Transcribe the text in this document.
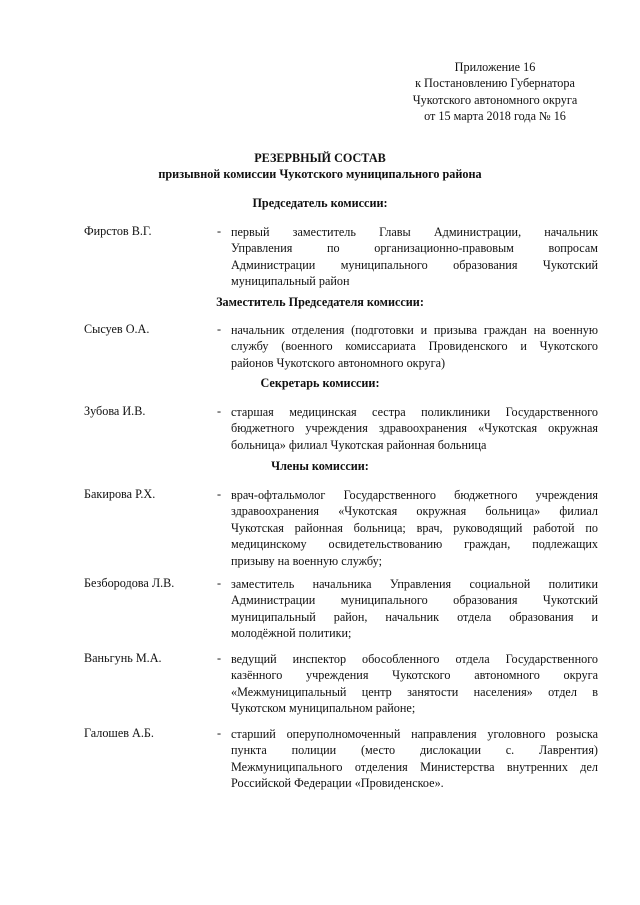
Приложение 16
к Постановлению Губернатора
Чукотского автономного округа
от 15 марта 2018 года № 16
РЕЗЕРВНЫЙ СОСТАВ
призывной комиссии Чукотского муниципального района
Председатель комиссии:
Фирстов В.Г.	- первый заместитель Главы Администрации, начальник
Управления по организационно-правовым вопросам
Администрации муниципального образования Чукотский
муниципальный район
Заместитель Председателя комиссии:
Сысуев О.А.	- начальник отделения (подготовки и призыва граждан на военную
службу (военного комиссариата Провиденского и Чукотского
районов Чукотского автономного округа)
Секретарь комиссии:
Зубова И.В.	- старшая медицинская сестра поликлиники Государственного
бюджетного учреждения здравоохранения «Чукотская окружная
больница» филиал Чукотская районная больница
Члены комиссии:
Бакирова Р.Х.	- врач-офтальмолог Государственного бюджетного учреждения
здравоохранения «Чукотская окружная больница» филиал
Чукотская районная больница; врач, руководящий работой по
медицинскому освидетельствованию граждан, подлежащих
призыву на военную службу;
Безбородова Л.В.	- заместитель начальника Управления социальной политики
Администрации муниципального образования Чукотский
муниципальный район, начальник отдела образования и
молодёжной политики;
Ваньгунь М.А.	- ведущий инспектор обособленного отдела Государственного
казённого учреждения Чукотского автономного округа
«Межмуниципальный центр занятости населения» отдел в
Чукотском муниципальном районе;
Галошев А.Б.	- старший оперуполномоченный направления уголовного розыска
пункта полиции (место дислокации с. Лаврентия)
Межмуниципального отделения Министерства внутренних дел
Российской Федерации «Провиденское».
